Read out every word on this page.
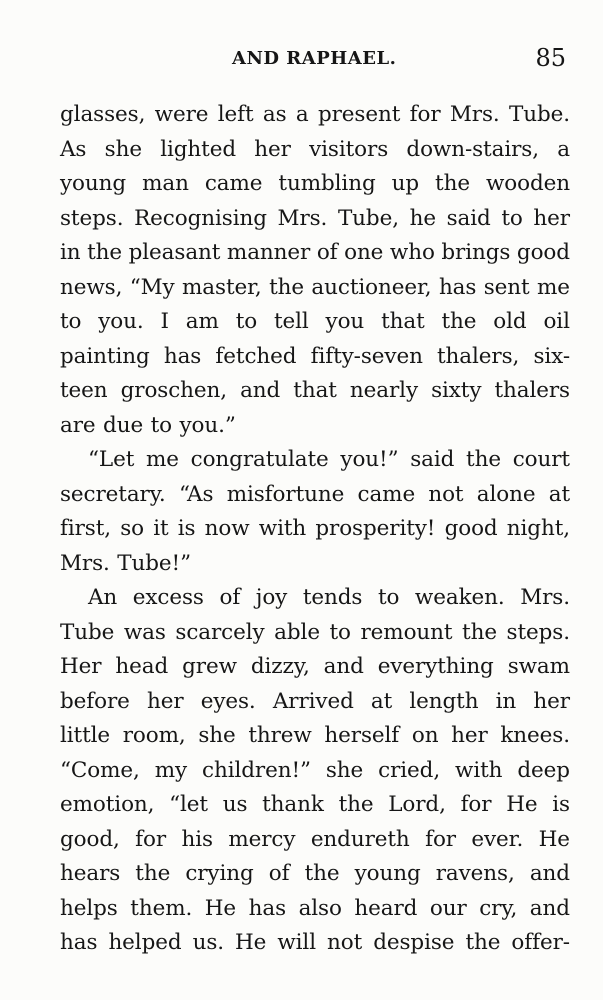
AND RAPHAEL.	85
glasses, were left as a present for Mrs. Tube.
As she lighted her visitors down-stairs, a
young man came tumbling up the wooden
steps. Recognising Mrs. Tube, he said to her
in the pleasant manner of one who brings good
news, “My master, the auctioneer, has sent me
to you. I am to tell you that the old oil
painting has fetched fifty-seven thalers, six-
teen groschen, and that nearly sixty thalers
are due to you.”
“Let me congratulate you!” said the court
secretary. “As misfortune came not alone at
first, so it is now with prosperity! good night,
Mrs. Tube!”
An excess of joy tends to weaken. Mrs.
Tube was scarcely able to remount the steps.
Her head grew dizzy, and everything swam
before her eyes. Arrived at length in her
little room, she threw herself on her knees.
“Come, my children!” she cried, with deep
emotion, “let us thank the Lord, for He is
good, for his mercy endureth for ever. He
hears the crying of the young ravens, and
helps them. He has also heard our cry, and
has helped us. He will not despise the offer-
